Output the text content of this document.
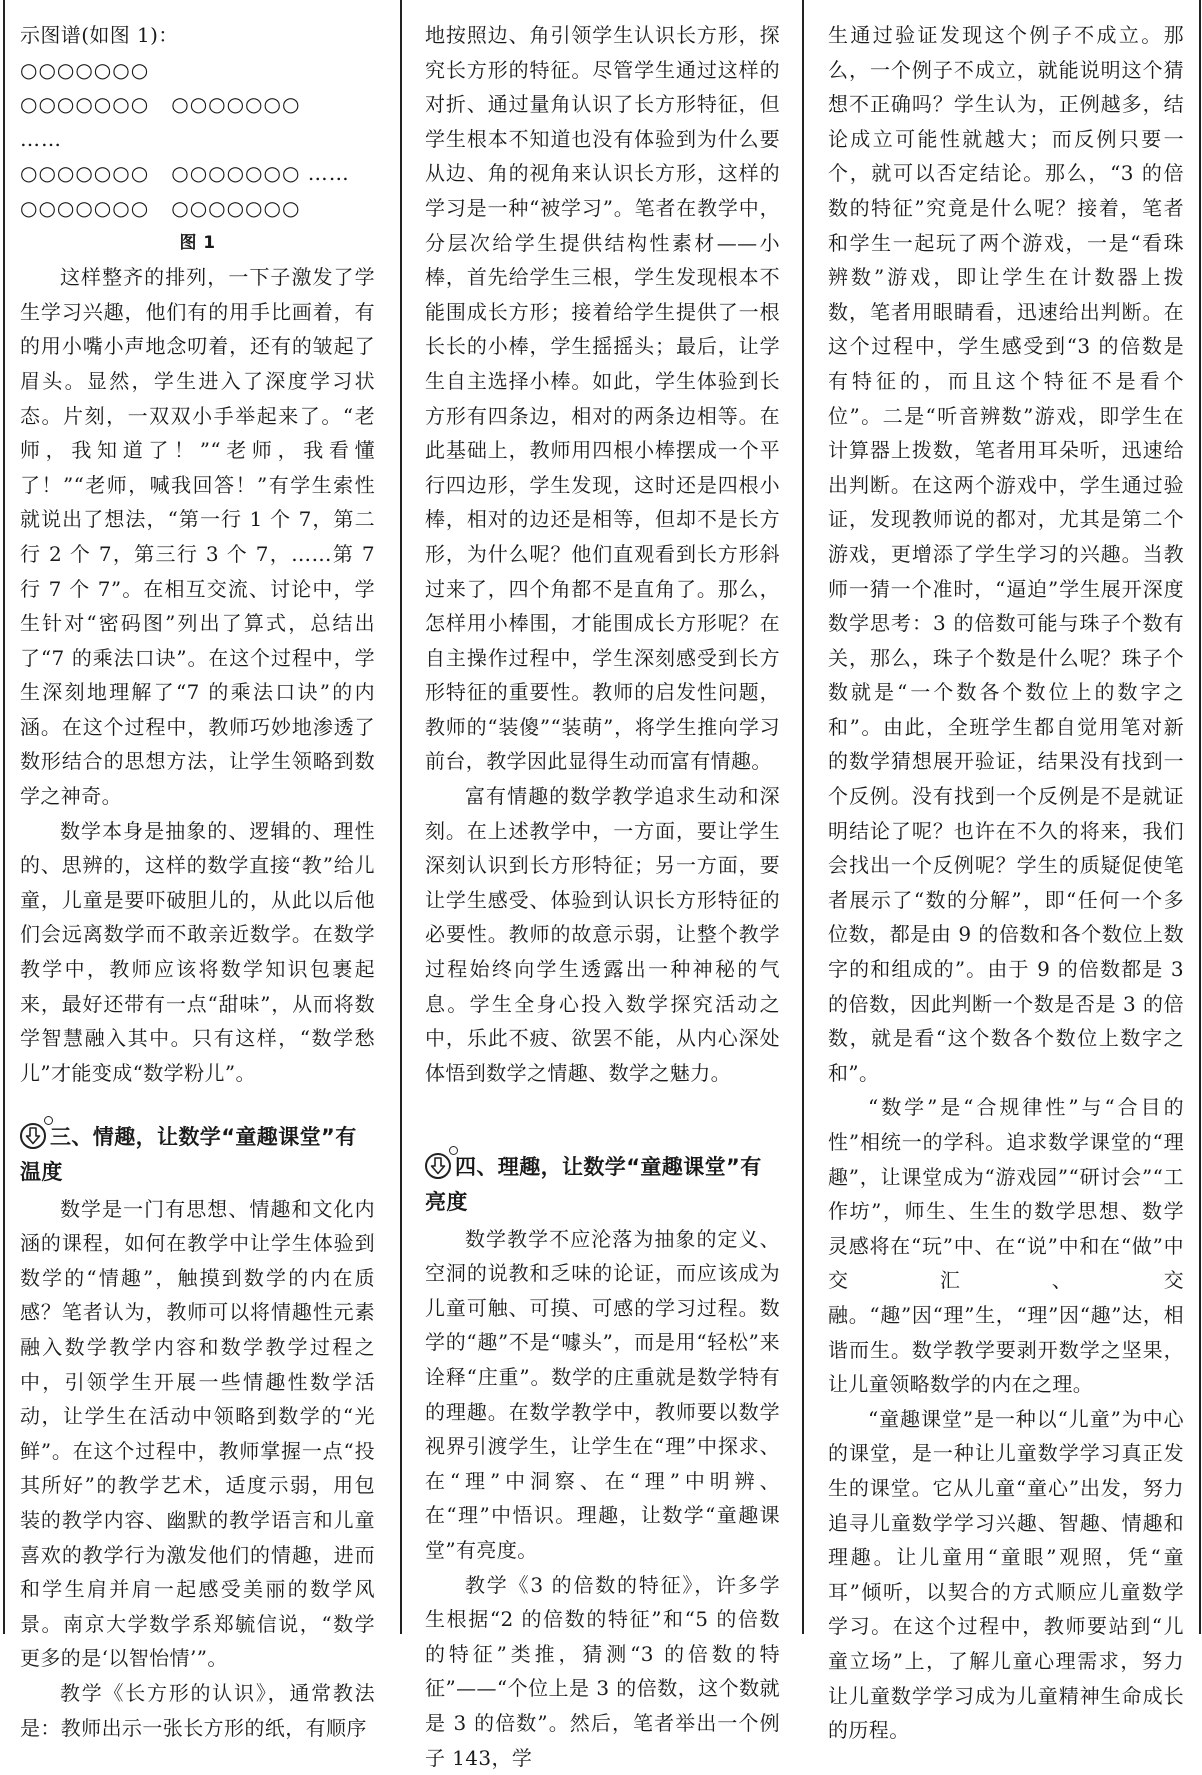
示图谱(如图 1)：

○○○○○○○
○○○○○○○ ○○○○○○○
……
○○○○○○○ ○○○○○○○ ……
○○○○○○○ ○○○○○○○
图 1

这样整齐的排列，一下子激发了学生学习兴趣，他们有的用手比画着，有的用小嘴小声地念叨着，还有的皱起了眉头。显然，学生进入了深度学习状态。片刻，一双双小手举起来了。“老师，我知道了！”“老师，我看懂了！”“老师，喊我回答！”有学生索性就说出了想法，“第一行 1 个 7，第二行 2 个 7，第三行 3 个 7，……第 7 行 7 个 7”。在相互交流、讨论中，学生针对“密码图”列出了算式，总结出了“7 的乘法口诀”。在这个过程中，学生深刻地理解了“7 的乘法口诀”的内涵。在这个过程中，教师巧妙地渗透了数形结合的思想方法，让学生领略到数学之神奇。

数学本身是抽象的、逻辑的、理性的、思辨的，这样的数学直接“教”给儿童，儿童是要吓破胆儿的，从此以后他们会远离数学而不敢亲近数学。在数学教学中，教师应该将数学知识包裹起来，最好还带有一点“甜味”，从而将数学智慧融入其中。只有这样，“数学愁儿”才能变成“数学粉儿”。

三、情趣，让数学“童趣课堂”有温度

数学是一门有思想、情趣和文化内涵的课程，如何在教学中让学生体验到数学的“情趣”，触摸到数学的内在质感？笔者认为，教师可以将情趣性元素融入数学教学内容和数学教学过程之中，引领学生开展一些情趣性数学活动，让学生在活动中领略到数学的“光鲜”。在这个过程中，教师掌握一点“投其所好”的教学艺术，适度示弱，用包装的教学内容、幽默的教学语言和儿童喜欢的教学行为激发他们的情趣，进而和学生肩并肩一起感受美丽的数学风景。南京大学数学系郑毓信说，“数学更多的是‘以智怡情’”。

教学《长方形的认识》，通常教法是：教师出示一张长方形的纸，有顺序

地按照边、角引领学生认识长方形，探究长方形的特征。尽管学生通过这样的对折、通过量角认识了长方形特征，但学生根本不知道也没有体验到为什么要从边、角的视角来认识长方形，这样的学习是一种“被学习”。笔者在教学中，分层次给学生提供结构性素材——小棒，首先给学生三根，学生发现根本不能围成长方形；接着给学生提供了一根长长的小棒，学生摇摇头；最后，让学生自主选择小棒。如此，学生体验到长方形有四条边，相对的两条边相等。在此基础上，教师用四根小棒摆成一个平行四边形，学生发现，这时还是四根小棒，相对的边还是相等，但却不是长方形，为什么呢？他们直观看到长方形斜过来了，四个角都不是直角了。那么，怎样用小棒围，才能围成长方形呢？在自主操作过程中，学生深刻感受到长方形特征的重要性。教师的启发性问题，教师的“装傻”“装萌”，将学生推向学习前台，教学因此显得生动而富有情趣。

富有情趣的数学教学追求生动和深刻。在上述教学中，一方面，要让学生深刻认识到长方形特征；另一方面，要让学生感受、体验到认识长方形特征的必要性。教师的故意示弱，让整个教学过程始终向学生透露出一种神秘的气息。学生全身心投入数学探究活动之中，乐此不疲、欲罢不能，从内心深处体悟到数学之情趣、数学之魅力。

四、理趣，让数学“童趣课堂”有亮度

数学教学不应沦落为抽象的定义、空洞的说教和乏味的论证，而应该成为儿童可触、可摸、可感的学习过程。数学的“趣”不是“噱头”，而是用“轻松”来诠释“庄重”。数学的庄重就是数学特有的理趣。在数学教学中，教师要以数学视界引渡学生，让学生在“理”中探求、在“理”中洞察、在“理”中明辨、在“理”中悟识。理趣，让数学“童趣课堂”有亮度。

教学《3 的倍数的特征》，许多学生根据“2 的倍数的特征”和“5 的倍数的特征”类推，猜测“3 的倍数的特征”——“个位上是 3 的倍数，这个数就是 3 的倍数”。然后，笔者举出一个例子 143，学

生通过验证发现这个例子不成立。那么，一个例子不成立，就能说明这个猜想不正确吗？学生认为，正例越多，结论成立可能性就越大；而反例只要一个，就可以否定结论。那么，“3 的倍数的特征”究竟是什么呢？接着，笔者和学生一起玩了两个游戏，一是“看珠辨数”游戏，即让学生在计数器上拨数，笔者用眼睛看，迅速给出判断。在这个过程中，学生感受到“3 的倍数是有特征的，而且这个特征不是看个位”。二是“听音辨数”游戏，即学生在计算器上拨数，笔者用耳朵听，迅速给出判断。在这两个游戏中，学生通过验证，发现教师说的都对，尤其是第二个游戏，更增添了学生学习的兴趣。当教师一猜一个准时，“逼迫”学生展开深度数学思考：3 的倍数可能与珠子个数有关，那么，珠子个数是什么呢？珠子个数就是“一个数各个数位上的数字之和”。由此，全班学生都自觉用笔对新的数学猜想展开验证，结果没有找到一个反例。没有找到一个反例是不是就证明结论了呢？也许在不久的将来，我们会找出一个反例呢？学生的质疑促使笔者展示了“数的分解”，即“任何一个多位数，都是由 9 的倍数和各个数位上数字的和组成的”。由于 9 的倍数都是 3 的倍数，因此判断一个数是否是 3 的倍数，就是看“这个数各个数位上数字之和”。

“数学”是“合规律性”与“合目的性”相统一的学科。追求数学课堂的“理趣”，让课堂成为“游戏园”“研讨会”“工作坊”，师生、生生的数学思想、数学灵感将在“玩”中、在“说”中和在“做”中交汇、交融。“趣”因“理”生，“理”因“趣”达，相谐而生。数学教学要剥开数学之坚果，让儿童领略数学的内在之理。

“童趣课堂”是一种以“儿童”为中心的课堂，是一种让儿童数学学习真正发生的课堂。它从儿童“童心”出发，努力追寻儿童数学学习兴趣、智趣、情趣和理趣。让儿童用“童眼”观照，凭“童耳”倾听，以契合的方式顺应儿童数学学习。在这个过程中，教师要站到“儿童立场”上，了解儿童心理需求，努力让儿童数学学习成为儿童精神生命成长的历程。
